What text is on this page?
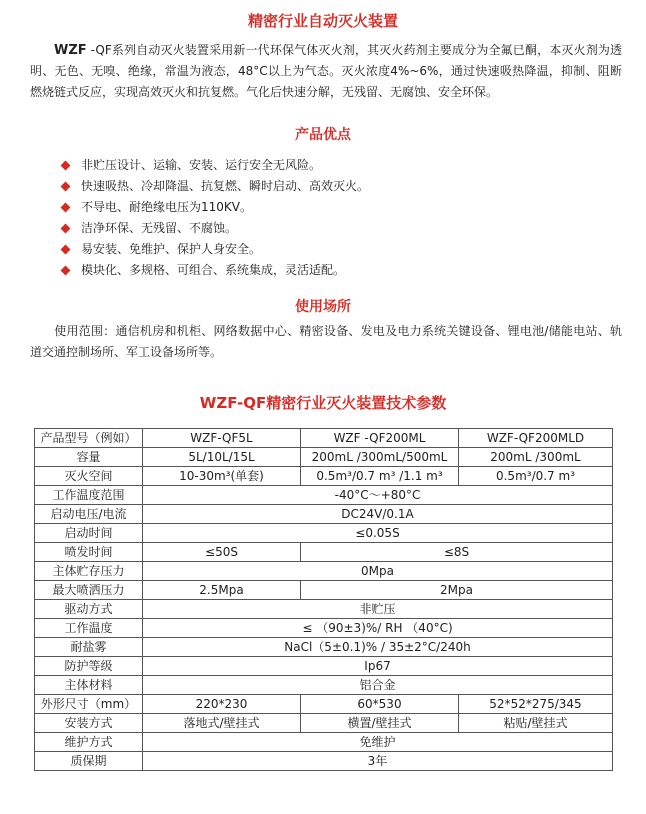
精密行业自动灭火装置
WZF -QF系列自动灭火装置采用新一代环保气体灭火剂，其灭火药剂主要成分为全氟已酮，本灭火剂为透明、无色、无嗅、绝缘，常温为液态，48°C以上为气态。灭火浓度4%~6%，通过快速吸热降温，抑制、阻断燃烧链式反应，实现高效灭火和抗复燃。气化后快速分解，无残留、无腐蚀、安全环保。
产品优点
非贮压设计、运输、安装、运行安全无风险。
快速吸热、冷却降温、抗复燃、瞬时启动、高效灭火。
不导电、耐绝缘电压为110KV。
洁净环保、无残留、不腐蚀。
易安装、免维护、保护人身安全。
模块化、多规格、可组合、系统集成，灵活适配。
使用场所
使用范围：通信机房和机柜、网络数据中心、精密设备、发电及电力系统关键设备、锂电池/储能电站、轨道交通控制场所、军工设备场所等。
WZF-QF精密行业灭火装置技术参数
产品型号（例如）	WZF-QF5L	WZF -QF200ML	WZF-QF200MLD
容量	5L/10L/15L	200mL /300mL/500mL	200mL /300mL
灭火空间	10-30m³(单套)	0.5m³/0.7 m³ /1.1 m³	0.5m³/0.7 m³
工作温度范围	-40°C～+80°C		
启动电压/电流	DC24V/0.1A		
启动时间	≤0.05S		
喷发时间	≤50S	≤8S	
主体贮存压力	0Mpa		
最大喷洒压力	2.5Mpa	2Mpa	
驱动方式	非贮压		
工作温度	≤ （90±3)%/ RH （40°C)		
耐盐雾	NaCl（5±0.1)% / 35±2°C/240h		
防护等级	Ip67		
主体材料	铝合金		
外形尺寸（mm）	220*230	60*530	52*52*275/345
安装方式	落地式/壁挂式	横置/壁挂式	粘贴/壁挂式
维护方式	免维护		
质保期	3年		
